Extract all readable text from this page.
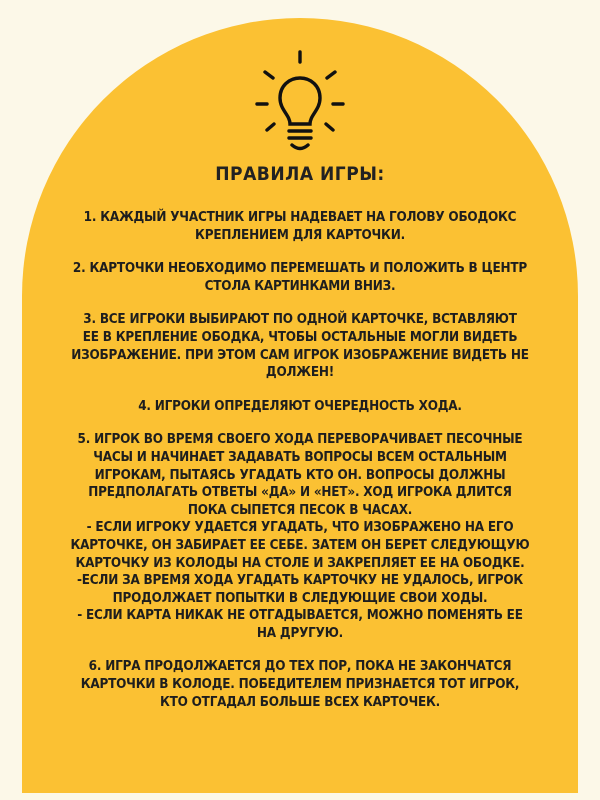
ПРАВИЛА ИГРЫ:
1. КАЖДЫЙ УЧАСТНИК ИГРЫ НАДЕВАЕТ НА ГОЛОВУ ОБОДОКС
КРЕПЛЕНИЕМ ДЛЯ КАРТОЧКИ.
2. КАРТОЧКИ НЕОБХОДИМО ПЕРЕМЕШАТЬ И ПОЛОЖИТЬ В ЦЕНТР
СТОЛА КАРТИНКАМИ ВНИЗ.
3. ВСЕ ИГРОКИ ВЫБИРАЮТ ПО ОДНОЙ КАРТОЧКЕ, ВСТАВЛЯЮТ
ЕЕ В КРЕПЛЕНИЕ ОБОДКА, ЧТОБЫ ОСТАЛЬНЫЕ МОГЛИ ВИДЕТЬ
ИЗОБРАЖЕНИЕ. ПРИ ЭТОМ САМ ИГРОК ИЗОБРАЖЕНИЕ ВИДЕТЬ НЕ
ДОЛЖЕН!
4. ИГРОКИ ОПРЕДЕЛЯЮТ ОЧЕРЕДНОСТЬ ХОДА.
5. ИГРОК ВО ВРЕМЯ СВОЕГО ХОДА ПЕРЕВОРАЧИВАЕТ ПЕСОЧНЫЕ
ЧАСЫ И НАЧИНАЕТ ЗАДАВАТЬ ВОПРОСЫ ВСЕМ ОСТАЛЬНЫМ
ИГРОКАМ, ПЫТАЯСЬ УГАДАТЬ КТО ОН. ВОПРОСЫ ДОЛЖНЫ
ПРЕДПОЛАГАТЬ ОТВЕТЫ «ДА» И «НЕТ». ХОД ИГРОКА ДЛИТСЯ
ПОКА СЫПЕТСЯ ПЕСОК В ЧАСАХ.
- ЕСЛИ ИГРОКУ УДАЕТСЯ УГАДАТЬ, ЧТО ИЗОБРАЖЕНО НА ЕГО
КАРТОЧКЕ, ОН ЗАБИРАЕТ ЕЕ СЕБЕ. ЗАТЕМ ОН БЕРЕТ СЛЕДУЮЩУЮ
КАРТОЧКУ ИЗ КОЛОДЫ НА СТОЛЕ И ЗАКРЕПЛЯЕТ ЕЕ НА ОБОДКЕ.
-ЕСЛИ ЗА ВРЕМЯ ХОДА УГАДАТЬ КАРТОЧКУ НЕ УДАЛОСЬ, ИГРОК
ПРОДОЛЖАЕТ ПОПЫТКИ В СЛЕДУЮЩИЕ СВОИ ХОДЫ.
- ЕСЛИ КАРТА НИКАК НЕ ОТГАДЫВАЕТСЯ, МОЖНО ПОМЕНЯТЬ ЕЕ
НА ДРУГУЮ.
6. ИГРА ПРОДОЛЖАЕТСЯ ДО ТЕХ ПОР, ПОКА НЕ ЗАКОНЧАТСЯ
КАРТОЧКИ В КОЛОДЕ. ПОБЕДИТЕЛЕМ ПРИЗНАЕТСЯ ТОТ ИГРОК,
КТО ОТГАДАЛ БОЛЬШЕ ВСЕХ КАРТОЧЕК.
